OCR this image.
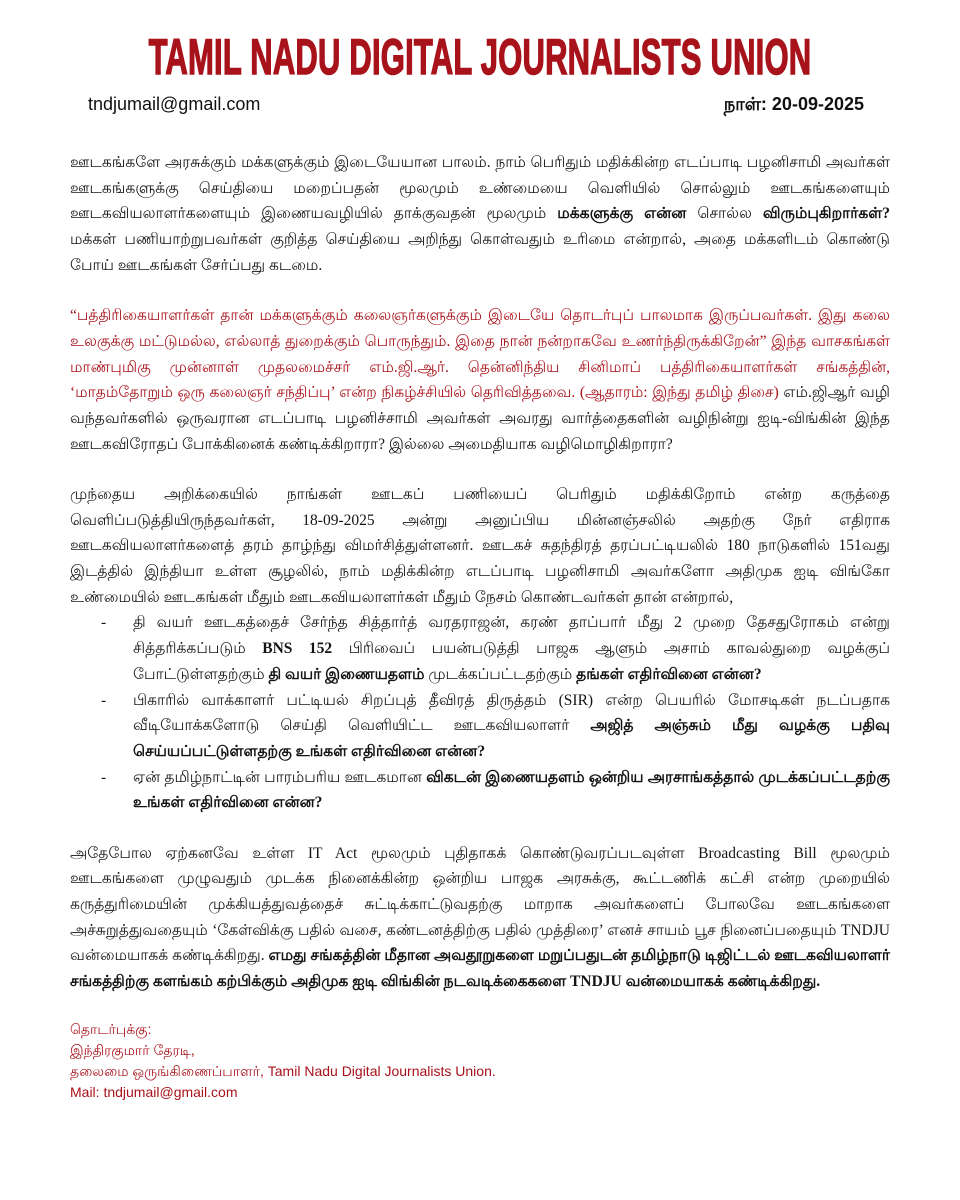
TAMIL NADU DIGITAL JOURNALISTS UNION
tndjumail@gmail.com	நாள்: 20-09-2025

ஊடகங்களே அரசுக்கும் மக்களுக்கும் இடையேயான பாலம். நாம் பெரிதும் மதிக்கின்ற எடப்பாடி பழனிசாமி அவர்கள் ஊடகங்களுக்கு செய்தியை மறைப்பதன் மூலமும் உண்மையை வெளியில் சொல்லும் ஊடகங்களையும் ஊடகவியலாளர்களையும் இணையவழியில் தாக்குவதன் மூலமும் மக்களுக்கு என்ன சொல்ல விரும்புகிறார்கள்? மக்கள் பணியாற்றுபவர்கள் குறித்த செய்தியை அறிந்து கொள்வதும் உரிமை என்றால், அதை மக்களிடம் கொண்டு போய் ஊடகங்கள் சேர்ப்பது கடமை.

“பத்திரிகையாளர்கள் தான் மக்களுக்கும் கலைஞர்களுக்கும் இடையே தொடர்புப் பாலமாக இருப்பவர்கள். இது கலை உலகுக்கு மட்டுமல்ல, எல்லாத் துறைக்கும் பொருந்தும். இதை நான் நன்றாகவே உணர்ந்திருக்கிறேன்” இந்த வாசகங்கள் மாண்புமிகு முன்னாள் முதலமைச்சர் எம்.ஜி.ஆர். தென்னிந்திய சினிமாப் பத்திரிகையாளர்கள் சங்கத்தின், ‘மாதம்தோறும் ஒரு கலைஞர் சந்திப்பு’ என்ற நிகழ்ச்சியில் தெரிவித்தவை. (ஆதாரம்: இந்து தமிழ் திசை) எம்.ஜிஆர் வழி வந்தவர்களில் ஒருவரான எடப்பாடி பழனிச்சாமி அவர்கள் அவரது வார்த்தைகளின் வழிநின்று ஐடி-விங்கின் இந்த ஊடகவிரோதப் போக்கினைக் கண்டிக்கிறாரா? இல்லை அமைதியாக வழிமொழிகிறாரா?

முந்தைய அறிக்கையில் நாங்கள் ஊடகப் பணியைப் பெரிதும் மதிக்கிறோம் என்ற கருத்தை வெளிப்படுத்தியிருந்தவர்கள், 18-09-2025 அன்று அனுப்பிய மின்னஞ்சலில் அதற்கு நேர் எதிராக ஊடகவியலாளர்களைத் தரம் தாழ்ந்து விமர்சித்துள்ளனர். ஊடகச் சுதந்திரத் தரப்பட்டியலில் 180 நாடுகளில் 151வது இடத்தில் இந்தியா உள்ள சூழலில், நாம் மதிக்கின்ற எடப்பாடி பழனிசாமி அவர்களோ அதிமுக ஐடி விங்கோ உண்மையில் ஊடகங்கள் மீதும் ஊடகவியலாளர்கள் மீதும் நேசம் கொண்டவர்கள் தான் என்றால்,

- தி வயர் ஊடகத்தைச் சேர்ந்த சித்தார்த் வரதராஜன், கரண் தாப்பார் மீது 2 முறை தேசதுரோகம் என்று சித்தரிக்கப்படும் BNS 152 பிரிவைப் பயன்படுத்தி பாஜக ஆளும் அசாம் காவல்துறை வழக்குப் போட்டுள்ளதற்கும் தி வயர் இணையதளம் முடக்கப்பட்டதற்கும் தங்கள் எதிர்வினை என்ன?
- பிகாரில் வாக்காளர் பட்டியல் சிறப்புத் தீவிரத் திருத்தம் (SIR) என்ற பெயரில் மோசடிகள் நடப்பதாக வீடியோக்களோடு செய்தி வெளியிட்ட ஊடகவியலாளர் அஜித் அஞ்சும் மீது வழக்கு பதிவு செய்யப்பட்டுள்ளதற்கு உங்கள் எதிர்வினை என்ன?
- ஏன் தமிழ்நாட்டின் பாரம்பரிய ஊடகமான விகடன் இணையதளம் ஒன்றிய அரசாங்கத்தால் முடக்கப்பட்டதற்கு உங்கள் எதிர்வினை என்ன?

அதேபோல ஏற்கனவே உள்ள IT Act மூலமும் புதிதாகக் கொண்டுவரப்படவுள்ள Broadcasting Bill மூலமும் ஊடகங்களை முழுவதும் முடக்க நினைக்கின்ற ஒன்றிய பாஜக அரசுக்கு, கூட்டணிக் கட்சி என்ற முறையில் கருத்துரிமையின் முக்கியத்துவத்தைச் சுட்டிக்காட்டுவதற்கு மாறாக அவர்களைப் போலவே ஊடகங்களை அச்சுறுத்துவதையும் ‘கேள்விக்கு பதில் வசை, கண்டனத்திற்கு பதில் முத்திரை’ எனச் சாயம் பூச நினைப்பதையும் TNDJU வன்மையாகக் கண்டிக்கிறது. எமது சங்கத்தின் மீதான அவதூறுகளை மறுப்பதுடன் தமிழ்நாடு டிஜிட்டல் ஊடகவியலாளர் சங்கத்திற்கு களங்கம் கற்பிக்கும் அதிமுக ஐடி விங்கின் நடவடிக்கைகளை TNDJU வன்மையாகக் கண்டிக்கிறது.

தொடர்புக்கு:
இந்திரகுமார் தேரடி,
தலைமை ஒருங்கிணைப்பாளர், Tamil Nadu Digital Journalists Union.
Mail: tndjumail@gmail.com
